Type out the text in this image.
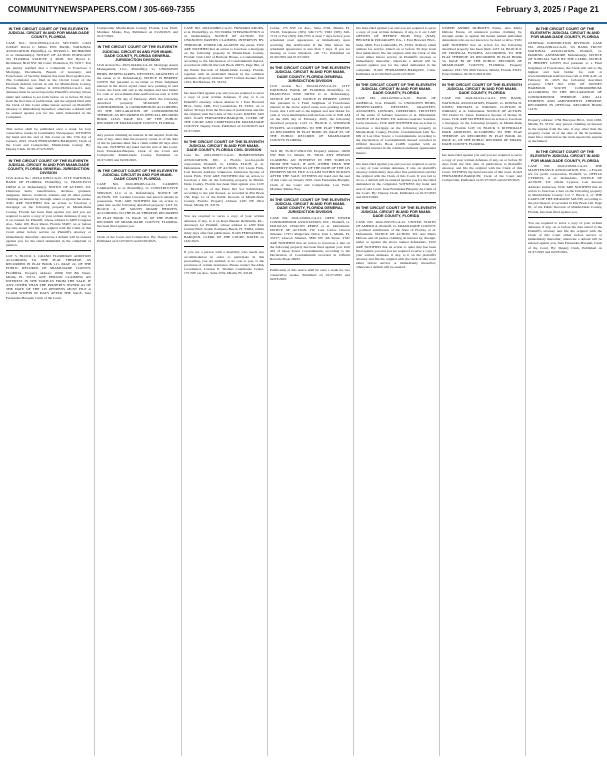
COMMUNITYNEWSPAPERS.COM / 305-669-7355	February 3, 2025 / Page 21
IN THE CIRCUIT COURT OF THE ELEVENTH JUDICIAL CIRCUIT IN AND FOR MIAMI-DADE COUNTY, FLORIDA

CASE NO.: 2019-032914-CA-01 SECTION: CA04 JUDGE: David C. Miller. PNC BANK, NATIONAL ASSOCIATION Plaintiff(s), vs. BYRON L. RICHMOND et al. Defendant(s). NOTICE OF ACTION PURSUANT TO FLORIDA STATUTE § 48.08. TO: Byron L. Richmond, 8010 NW 5th Court, Plantation, FL 33317. You are hereby notified that a Complaint to Foreclose a Mortgage, Documents, Breach of Guaranty, and Foreclosure of Security Interest has been filed against you. The Complaint was filed in the Circuit Court of the Eleventh Judicial Circuit in and for Miami-Dade County, Florida. The case number is 2019-032914-CA-01. Any defenses must be served upon the Plaintiff's attorney whose name and address is set forth below on or before 30 days from the first date of publication, and the original filed with the Clerk of this Court either before service on Plaintiff's attorney or immediately thereafter; otherwise a default will be entered against you for the relief demanded in the Complaint.

This notice shall be published once a week for four consecutive weeks in Community Newspapers. WITNESS my hand and the seal of this Court on this 17th day of January, 2025. JUAN FERNANDEZ-BARQUIN, Clerk of the Court and Comptroller, Miami-Dade County. By: Deputy Clerk. 01/20-27/2/3/2025.

IN THE CIRCUIT COURT OF THE ELEVENTH JUDICIAL CIRCUIT IN AND FOR MIAMI-DADE COUNTY, FLORIDA GENERAL JURISDICTION DIVISION

Civil Action No.: 2023-011093-CA-01. CITY NATIONAL BANK OF FLORIDA, Plaintiff(s), vs. FRANCISCO ORTIZ et al. Defendant(s). NOTICE OF ACTION. TO: Unknown heirs, beneficiaries, devisees, grantees, assignees, lienors, creditors, trustees and all other parties claiming an interest by, through, under or against the estate. YOU ARE NOTIFIED that an action to foreclose a mortgage on the following property in Miami-Dade County, Florida has been filed against you and you are required to serve a copy of your written defenses, if any, to it on counsel for Plaintiff, whose address is 6409 Congress Ave., Suite 100, Boca Raton, Florida 33487, on or before the date stated and file the original with the Clerk of this Court either before service on Plaintiff's attorney or immediately thereafter; otherwise a default will be entered against you for the relief demanded in the complaint or petition.

LOT 5, BLOCK 2, GRAND FLORIDIAN ADDITION ACCORDING TO THE PLAT THEREOF, AS RECORDED IN PLAT BOOK 111, PAGE 22, OF THE PUBLIC RECORDS OF MIAMI-DADE COUNTY, FLORIDA. Property address: 10050 NW 8th Street, Miami, FL 33172. ANY PERSON CLAIMING AN INTEREST IN THE SURPLUS FROM THE SALE, IF ANY, OTHER THAN THE PROPERTY OWNER AS OF THE DATE OF THE LIS PENDENS MUST FILE A CLAIM WITHIN 60 DAYS AFTER THE SALE. Juan Fernandez-Barquin, Clerk of the Court.

Comptroller Miami-Dade County, Florida. Law Firm: Matthew Marks, Esq. Published on 01/20/2025 and 01/27/2025.

IN THE CIRCUIT COURT OF THE ELEVENTH JUDICIAL CIRCUIT IN AND FOR MIAMI-DADE COUNTY, FLORIDA GENERAL JURISDICTION DIVISION

Civil Action No.: 2023-024464-CA-01. Mortgage Assets Management, LLC. Plaintiff(s), vs. UNKNOWN HEIRS, BENEFICIARIES, DEVISEES, GRANTEES of the estate et al. Defendant(s). NOTICE IS HEREBY GIVEN that pursuant to an Order or Final Judgment entered in the above styled cause now pending in said Court, the Clerk will sell to the highest and best bidder for cash at www.miami-dade.realforeclose.com at 9:00 AM on the 27th day of February, 2025, the following described property: SEAWAVE EAST CONDOMINIUM, A CONDOMINIUM ACCORDING TO THE DECLARATION OF CONDOMINIUM THEREOF, AS RECORDED IN OFFICIAL RECORDS BOOK 12345, PAGE 923, OF THE PUBLIC RECORDS OF MIAMI-DADE COUNTY, FLORIDA.

Any person claiming an interest in the surplus from the sale, if any, other than the property owner as of the date of the lis pendens must file a claim within 60 days after the sale. WITNESS my hand and the seal of this Court. Juan Fernandez-Barquin, Clerk of the Court and Comptroller Miami-Dade County. Published on 01/27/2025 and 02/03/2025.

IN THE CIRCUIT COURT OF THE ELEVENTH JUDICIAL CIRCUIT IN AND FOR MIAMI-DADE COUNTY, FLORIDA

CASE NO. 2024-009463-CA-01. CARMEN CARRANZA et al. Plaintiff(s), vs. CONSTRUCTIVE SERVICE, LLC et al. Defendant(s). NOTICE OF ACTION. TO: Carmen Carranza and known tenants in possession. YOU ARE NOTIFIED that an action to quiet title on the following described property: LOT 16, BLOCK 2, OF SOUTH MIAMI HEIGHTS, ACCORDING TO THE PLAT THEREOF, RECORDED IN PLAT BOOK 73, PAGE 19, OF THE PUBLIC RECORDS OF MIAMI-DADE COUNTY, FLORIDA, has been filed against you.

Clerk of the Court and Comptroller. By: Deputy Clerk. Published on 01/27/2025 and 02/03/2025.

CASE NO. 2024-020805-CA-01. HOWARD KRUPA, et al. Plaintiff(s), vs. VICTORIA STEPANKOVSKY et al. Defendant(s). NOTICE OF ACTION. TO: UNKNOWN PARTIES CLAIMING INTERESTS BY, THROUGH, UNDER OR AGAINST the estate. YOU ARE NOTIFIED that an action to foreclose a mortgage on the following property in Miami-Dade County, Florida: Unit 1102 of Harbour House, a Condominium, according to the Declaration of Condominium thereof, recorded in Official Records Book 26675, Page 992, of the Public Records of Miami-Dade County, Florida, together with an undivided interest in the common elements. Property address: 10275 Collins Avenue, Unit 1102, Bal Harbour, FL 33154.

has been filed against you and you are required to serve a copy of your written defenses, if any, to it on Plaintiff's attorney, whose address is 1 East Broward Blvd., Suite 1400, Fort Lauderdale, FL 33301, on or before 30 days from the first date of publication and file the original with the Clerk of this Court. DATED: JAN 2025. JUAN FERNANDEZ-BARQUIN, CLERK OF THE COURT AND COMPTROLLER MIAMI-DADE COUNTY. Deputy Clerk. Published on 01/20/2025 and 01/27/2025.

IN THE CIRCUIT COURT OF THE ELEVENTH JUDICIAL CIRCUIT IN AND FOR MIAMI-DADE COUNTY, FLORIDA CIVIL DIVISION

Case No. 2025-000477-CA-01. HOMEOWNERS ASSOCIATION, INC. a Florida not-for-profit corporation, Plaintiff, vs. LINDA FLICH, et al. Defendants. NOTICE OF ACTION. TO: Linda Flich, Last Known Address: Unknown; Unknown Spouse of Linda Flich. YOU ARE NOTIFIED that an action to foreclose a lien on the following property in Miami-Dade County, Florida has been filed against you. LOT 11, BLOCK 4, of the Plaza Del Sol Subdivision, according to the plat thereof, as recorded in Plat Book 150, Page 11, of the Public Records of Miami-Dade County, Florida. Property address: 2181 NE 181st Street, Miami, FL 33179.

You are required to serve a copy of your written defenses, if any, to it on Kaye Bender Rembaum, P.L., Attorneys for Plaintiff, whose address is 1200 Park Central Blvd. South, Pompano Beach, FL 33064, within thirty days after first publication. JUAN FERNANDEZ-BARQUIN, CLERK OF THE COURT. DATED on JAN 2025.

If you are a person with a disability who needs any accommodation in order to participate in this proceeding, you are entitled, at no cost to you, to the provision of certain assistance. Please contact the ADA Coordinator, Lawson E. Thomas Courthouse Center, 175 NW 1st Ave., Suite 2702, Miami, FL 33128.

Center, 175 NW 1st Ave., Suite 2702, Miami, FL 33128, Telephone (305) 349-7175; TDD (305) 349-7174 or Fax (305) 349-7355 at least 7 days before your scheduled court appearance, or immediately upon receiving this notification if the time before the scheduled appearance is less than 7 days. If you are hearing or voice impaired, call 711. Published on 01/20/2025 and 01/27/2025.

IN THE CIRCUIT COURT OF THE ELEVENTH JUDICIAL CIRCUIT IN AND FOR MIAMI-DADE COUNTY, FLORIDA GENERAL JURISDICTION DIVISION

Civil Action No.: 2024-021553-CA-01. CITY NATIONAL BANK OF FLORIDA Plaintiff(s), vs. FRANCISCO JOSE ORTIZ et al. Defendant(s). NOTICE OF SALE. NOTICE IS HEREBY GIVEN that pursuant to a Final Judgment of Foreclosure entered in the above styled cause now pending in said Court, that I will sell to the highest and best bidder for cash at www.miamidade.realforeclose.com at 9:00 AM on the 26th day of February, 2025, the following described property: LOT 11, BLOCK 2, WINDSOR ESTATES, ACCORDING TO THE PLAT THEREOF, AS RECORDED IN PLAT BOOK 99, PAGE 65, OF THE PUBLIC RECORDS OF MIAMI-DADE COUNTY, FLORIDA.

TAX ID: 35-3017-039-0130. Property address: 16050 NW 89th Ct, Miami, FL 33018. ANY PERSON CLAIMING AN INTEREST IN THE SURPLUS FROM THE SALE, IF ANY, OTHER THAN THE PROPERTY OWNER AS OF THE DATE OF THE LIS PENDENS MUST FILE A CLAIM WITHIN 60 DAYS AFTER THE SALE. WITNESS my hand and the seal of this court on January 2025. Juan Fernandez-Barquin, Clerk of the Court and Comptroller. Law Firm: Matthew Marks, Esq.

IN THE CIRCUIT COURT OF THE ELEVENTH JUDICIAL CIRCUIT IN AND FOR MIAMI-DADE COUNTY, FLORIDA GENERAL JURISDICTION DIVISION

CASE NO. 2024-019843-CA-01. OPEN TOWER CONDOMINIUM ASSOCIATION, INC., Plaintiff, vs. DOUGLAS CHACON PEREZ et al. Defendants. NOTICE OF ACTION. TO: Luis Carlos Chacon Jimenez, 17471 Ridgeview Drive, Unit 1, Miami, FL 33157; Chacon Jimenez, 3830 SW 4th Street. YOU ARE NOTIFIED that an action to foreclose a lien on the following property has been filed against you: Unit 401 of Open Tower Condominium, according to the Declaration of Condominium recorded in Official Records Book 26932.

Publication of this notice shall be once a week for two consecutive weeks. Published on 01/27/2025 and 02/03/2025.

has been filed against you and you are required to serve a copy of your written defenses, if any, to it on: LAW OFFICES OF JEFFREY NIGH, ESQ. (NAF). BECKER & POLIAKOFF, P.A., 1 East Broward Blvd., Suite 1800, Fort Lauderdale, FL 33301. Primary email address for service. Dated on or before 30 days from first publication; file the original with the Clerk of this Court either before service on Plaintiff's attorney or immediately thereafter; otherwise a default will be entered against you for the relief demanded in the complaint. JUAN FERNANDEZ-BARQUIN, Clerk. Published on 01/20/2025 and 01/27/2025.

IN THE CIRCUIT COURT OF THE ELEVENTH JUDICIAL CIRCUIT IN AND FOR MIAMI-DADE COUNTY, FLORIDA

CASE NO. 2024-023561-CA-01. BANK OF AMERICA, N.A. Plaintiff, vs. UNKNOWN HEIRS, BENEFICIARIES, DEVISEES, GRANTEES, ASSIGNEES, LIENORS, CREDITORS, TRUSTEES of the estate of Adriano Guerrero et al. Defendants. NOTICE OF ACTION. TO: Adriano Guerrero Sanchez, Lucia Guerrero. YOU ARE NOTIFIED that an action to foreclose a mortgage on the following property in Miami-Dade County, Florida: Condominium Unit No. 609 of Las Olas Tower, a Condominium, according to the Declaration of Condominium thereof recorded in Official Records Book 21488, together with an undivided interest in the common elements appurtenant thereto.

has been filed against you and you are required to serve a copy of your written defenses, if any, on plaintiff's attorney within thirty days after first publication and file the original with the Clerk of this Court. If you fail to do so, a default will be entered against you for the relief demanded in the complaint. WITNESS my hand and seal of said Court. Juan Fernandez-Barquin, As Clerk of the Court. By: Deputy Clerk. Published on 01/27/2025 and 02/03/2025.

IN THE CIRCUIT COURT OF THE ELEVENTH JUDICIAL CIRCUIT IN AND FOR MIAMI-DADE COUNTY, FLORIDA

CASE NO. 2024-019576-CA-01. UNITED STATES OF AMERICA, Plaintiff, vs. MIAMI-DADE COUNTY, a political subdivision of the State of Florida, et al. Defendants. NOTICE OF ACTION. TO: Ana Maria Duboze and all parties claiming an interest by, through, under or against the above named defendants. YOU ARE NOTIFIED that an action to quiet title has been filed against you and you are required to serve a copy of your written defenses, if any, to it on the plaintiff's attorney and file the original with the clerk of this court either before service or immediately thereafter; otherwise a default will be entered.

JOSEPH ANDRE DUBOZE'S Estate, Ana Maria Duboze Estate, all unknown parties claiming by, through, under or against the herein named individual defendants who are not known to be dead or alive. YOU ARE NOTIFIED that an action for the following described property has been filed: LOT 14, BLOCK 6, OF TROPICAL ESTATES, ACCORDING TO THE PLAT THEREOF, AS RECORDED IN PLAT BOOK 54, PAGE 86 OF THE PUBLIC RECORDS OF MIAMI-DADE COUNTY, FLORIDA. Property address: 2341 SW 96th Terrace, Miami, Florida 33165. Folio Number: 30-5015-003-0190.

IN THE CIRCUIT COURT OF THE ELEVENTH JUDICIAL CIRCUIT IN AND FOR MIAMI-DADE COUNTY, FLORIDA

CASE NO. 2024-021191-CA-01. PNC BANK, NATIONAL ASSOCIATION, Plaintiff, vs. DONNA D. JONES; MICHAEL A. JORDAN; CLINTON D. JORDAN; et al. Defendants. NOTICE OF ACTION. TO: Donna D. Jones, Unknown Spouse of Donna D. Jones. YOU ARE NOTIFIED that an action to foreclose a mortgage on the following property in Miami-Dade County, Florida: LOT 10, BLOCK 3, RIVERDALE PARK ADDITION, ACCORDING TO THE PLAT THEREOF, AS RECORDED IN PLAT BOOK 40, PAGE 41, OF THE PUBLIC RECORDS OF MIAMI-DADE COUNTY, FLORIDA.

has been filed against you and you are required to serve a copy of your written defenses, if any, on or before 30 days from the first date of publication to Plaintiff's attorney, and file the original with the Clerk of this Court. WITNESS my hand and seal of this court. JUAN FERNANDEZ-BARQUIN, Clerk of the Court and Comptroller. Published on 01/27/2025 and 02/03/2025.

IN THE CIRCUIT COURT OF THE ELEVENTH JUDICIAL CIRCUIT IN AND FOR MIAMI-DADE COUNTY, FLORIDA

GENERAL JURISDICTION DIVISION. CASE NO. 2024-026914-CA-01. US BANK TRUST NATIONAL ASSOCIATION, Plaintiff, vs. DOMINIC ANNEMORE, Defendant(s). NOTICE OF JUDICIAL SALE BY THE CLERK. NOTICE IS HEREBY GIVEN that pursuant to a Final Judgment of Foreclosure, the Clerk will sell to the highest and best bidder for cash at www.miamidade.realforeclose.com at 9:00 A.M. on February 19, 2025 the following described property: UNIT NO. 1036, OF SUNSET HARBOUR SOUTH CONDOMINIUM, ACCORDING TO THE DECLARATION OF CONDOMINIUM THEREOF, AND ALL EXHIBITS AND AMENDMENTS THEREOF, RECORDED IN OFFICIAL RECORDS BOOK 11476.

Property address: 1784 Biscayne Blvd., Unit 1036, Miami, FL 33132. Any person claiming an interest in the surplus from the sale, if any, other than the property owner as of the date of the lis pendens, must file a claim before the clerk reports the surplus as unclaimed.

IN THE CIRCUIT COURT OF THE ELEVENTH JUDICIAL CIRCUIT IN AND FOR MIAMI-DADE COUNTY, FLORIDA

CASE NO. 2024-018202-CA-01. THE MAINTENANCE ASSOCIATION, INC., a Florida not for profit corporation, Plaintiff, vs. OFELIA CYPRESS, et al. Defendants. NOTICE OF ACTION. TO: Ofelia Cypress, Last Known Address: Unknown. YOU ARE NOTIFIED that an action to foreclose a lien on the following property in Miami-Dade County: Lot 7, Block 2, of THE LAKES OF THE MEADOW SOUTH, according to the plat thereof, as recorded in Plat Book 120, Page 81, of the Public Records of Miami-Dade County, Florida, has been filed against you.

You are required to serve a copy of your written defenses, if any, on or before the date stated to the Plaintiff's attorney and file the original with the Clerk of this Court either before service or immediately thereafter; otherwise a default will be entered against you. Juan Fernandez-Barquin, Clerk of the Court. By: Deputy Clerk. Published on 01/27/2025 and 02/03/2025.
